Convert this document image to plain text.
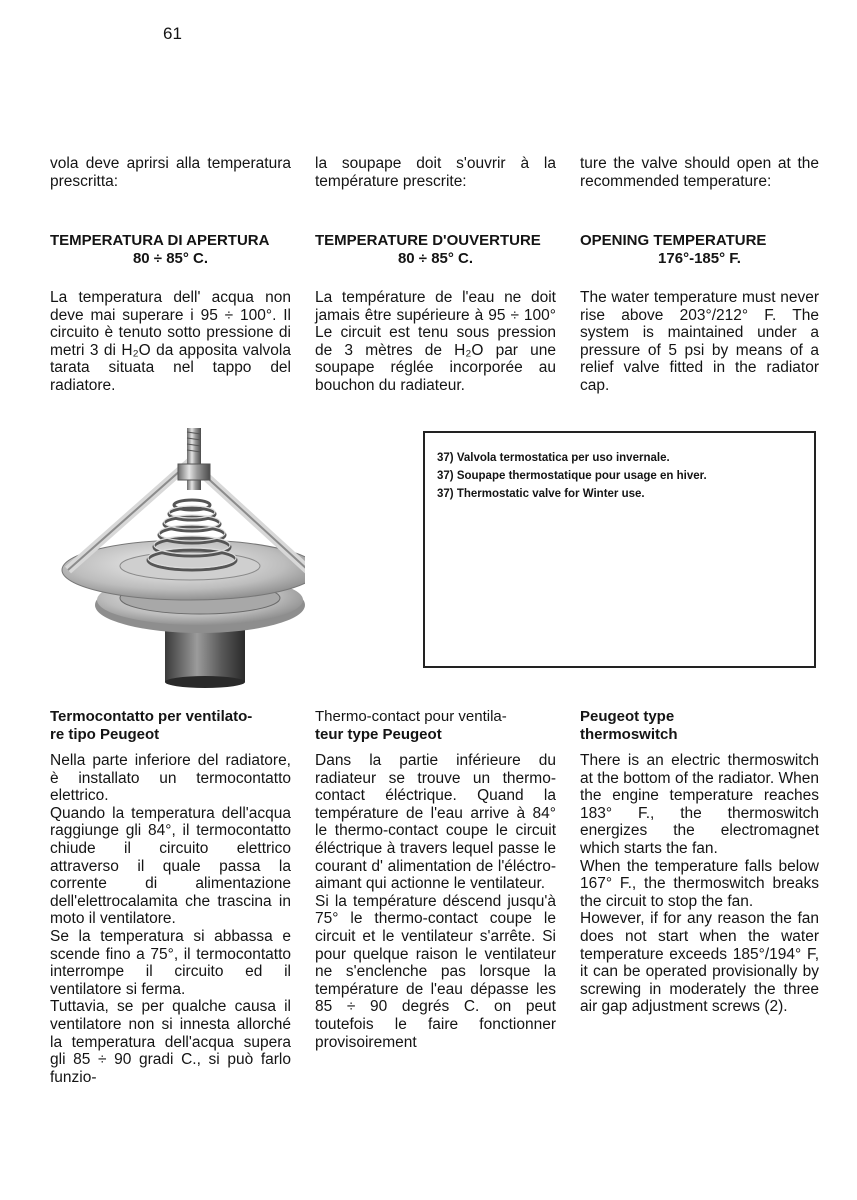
61
vola deve aprirsi alla temperatura prescritta:
la soupape doit s'ouvrir à la température prescrite:
ture the valve should open at the recommended temperature:
TEMPERATURA DI APERTURA
80 ÷ 85° C.
TEMPERATURE D'OUVERTURE
80 ÷ 85° C.
OPENING TEMPERATURE
176°-185° F.
La temperatura dell' acqua non deve mai superare i 95 ÷ 100°. Il circuito è tenuto sotto pressione di metri 3 di H₂O da apposita valvola tarata situata nel tappo del radiatore.
La température de l'eau ne doit jamais être supérieure à 95 ÷ 100° Le circuit est tenu sous pression de 3 mètres de H₂O par une soupape réglée incorporée au bouchon du radiateur.
The water temperature must never rise above 203°/212° F. The system is maintained under a pressure of 5 psi by means of a relief valve fitted in the radiator cap.
37) Valvola termostatica per uso invernale.
37) Soupape thermostatique pour usage en hiver.
37) Thermostatic valve for Winter use.
Termocontatto per ventilato-
re tipo Peugeot
Thermo-contact pour ventila-
teur type Peugeot
Peugeot type
thermoswitch

Nella parte inferiore del radiatore, è installato un termocontatto elettrico.

Quando la temperatura dell'acqua raggiunge gli 84°, il termocontatto chiude il circuito elettrico attraverso il quale passa la corrente di alimentazione dell'elettrocalamita che trascina in moto il ventilatore.

Se la temperatura si abbassa e scende fino a 75°, il termocontatto interrompe il circuito ed il ventilatore si ferma.

Tuttavia, se per qualche causa il ventilatore non si innesta allorché la temperatura dell'acqua supera gli 85 ÷ 90 gradi C., si può farlo funzio-

Dans la partie inférieure du radiateur se trouve un thermo-contact éléctrique. Quand la température de l'eau arrive à 84° le thermo-contact coupe le circuit éléctrique à travers lequel passe le courant d' alimentation de l'éléctro-aimant qui actionne le ventilateur.

Si la température déscend jusqu'à 75° le thermo-contact coupe le circuit et le ventilateur s'arrête. Si pour quelque raison le ventilateur ne s'enclenche pas lorsque la température de l'eau dépasse les 85 ÷ 90 degrés C. on peut toutefois le faire fonctionner provisoirement

There is an electric thermoswitch at the bottom of the radiator. When the engine temperature reaches 183° F., the thermoswitch energizes the electromagnet which starts the fan.

When the temperature falls below 167° F., the thermoswitch breaks the circuit to stop the fan.

However, if for any reason the fan does not start when the water temperature exceeds 185°/194° F, it can be operated provisionally by screwing in moderately the three air gap adjustment screws (2).
